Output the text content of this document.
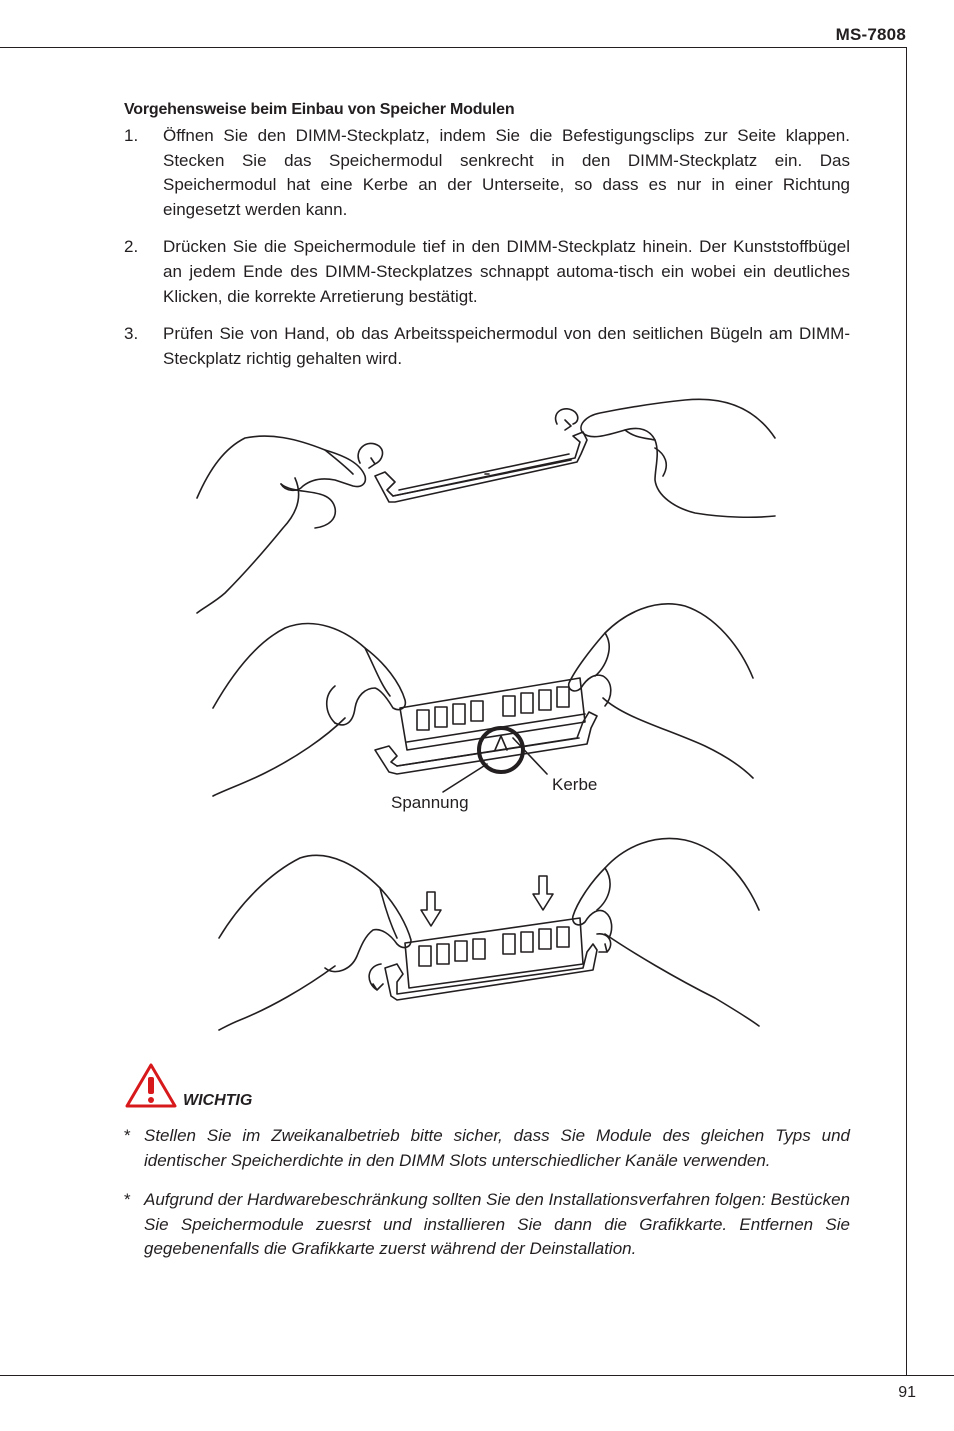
MS-7808
Vorgehensweise beim Einbau von Speicher Modulen
1. Öffnen Sie den DIMM-Steckplatz, indem Sie die Befestigungsclips zur Seite klappen. Stecken Sie das Speichermodul senkrecht in den DIMM-Steckplatz ein. Das Speichermodul hat eine Kerbe an der Unterseite, so dass es nur in einer Richtung eingesetzt werden kann.
2. Drücken Sie die Speichermodule tief in den DIMM-Steckplatz hinein. Der Kunststoffbügel an jedem Ende des DIMM-Steckplatzes schnappt automa-tisch ein wobei ein deutliches Klicken, die korrekte Arretierung bestätigt.
3. Prüfen Sie von Hand, ob das Arbeitsspeichermodul von den seitlichen Bügeln am DIMM-Steckplatz richtig gehalten wird.
Kerbe
Spannung
WICHTIG
* Stellen Sie im Zweikanalbetrieb bitte sicher, dass Sie Module des gleichen Typs und identischer Speicherdichte in den DIMM Slots unterschiedlicher Kanäle verwenden.
* Aufgrund der Hardwarebeschränkung sollten Sie den Installationsverfahren folgen: Bestücken Sie Speichermodule zuesrst und installieren Sie dann die Grafikkarte. Entfernen Sie gegebenenfalls die Grafikkarte zuerst während der Deinstallation.
91
